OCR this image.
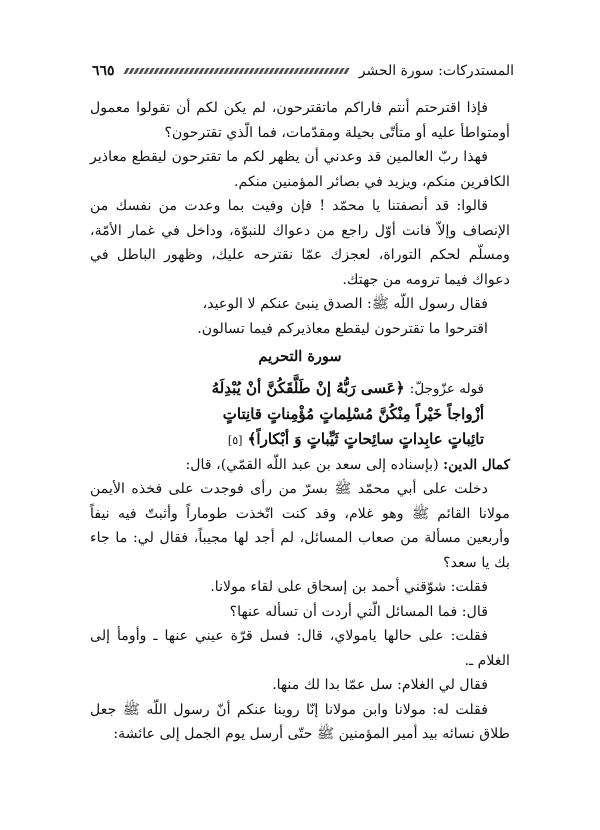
المستدركات: سورة الحشر
٦٦٥

فإذا اقترحتم أنتم فاراكم ماتقترحون، لم يكن لكم أن تقولوا معمول أومتواطأ عليه أو متأتّى بحيلة ومقدّمات، فما الّذي تقترحون؟

فهذا ربّ العالمين قد وعدني أن يظهر لكم ما تقترحون ليقطع معاذير الكافرين منكم، ويزيد في بصائر المؤمنين منكم.

قالوا: قد أنصفتنا يا محمّد ! فإن وفيت بما وعدت من نفسك من الإنصاف وإلاّ فانت أوّل راجع من دعواك للنبوّة، وداخل في غمار الأمّة، ومسلّم لحكم التوراة، لعجزك عمّا نقترحه عليك، وظهور الباطل في دعواك فيما ترومه من جهتك.

فقال رسول اللّه ﷺ: الصدق ينبئ عنكم لا الوعيد،

اقترحوا ما تقترحون ليقطع معاذيركم فيما تسالون.

سورة التحريم
قوله عزّوجلّ: ﴿عَسى رَبُّهُ إنْ طَلَّقَكُنَّ أنْ يُبْدِلَهُ
أزْواجاً خَيْراً مِنْكُنَّ مُسْلِماتٍ مُؤْمِناتٍ قانِتاتٍ
تائِباتٍ عابِداتٍ سائِحاتٍ ثَيِّباتٍ وَ أبْكاراً﴾ [٥]

كمال الدين: (بإسناده إلى سعد بن عبد اللّه القمّي)، قال:

دخلت على أبي محمّد ﷺ بسرّ من رأى فوجدت على فخذه الأيمن مولانا القائم ﷺ وهو غلام، وقد كنت اتّخذت طوماراً وأثبتّ فيه نيفاً وأربعين مسألة من صعاب المسائل، لم أجد لها مجيباً، فقال لي: ما جاء بك يا سعد؟

فقلت: شوّقني أحمد بن إسحاق على لقاء مولانا.

قال: فما المسائل الّتي أردت أن تسأله عنها؟

فقلت: على حالها يامولاي، قال: فسل قرّة عيني عنها ـ وأومأ إلى الغلام ـ.

فقال لي الغلام: سل عمّا بدا لك منها.

فقلت له: مولانا وابن مولانا إنّا روينا عنكم أنّ رسول اللّه ﷺ جعل طلاق نسائه بيد أمير المؤمنين ﷺ حتّى أرسل يوم الجمل إلى عائشة:
